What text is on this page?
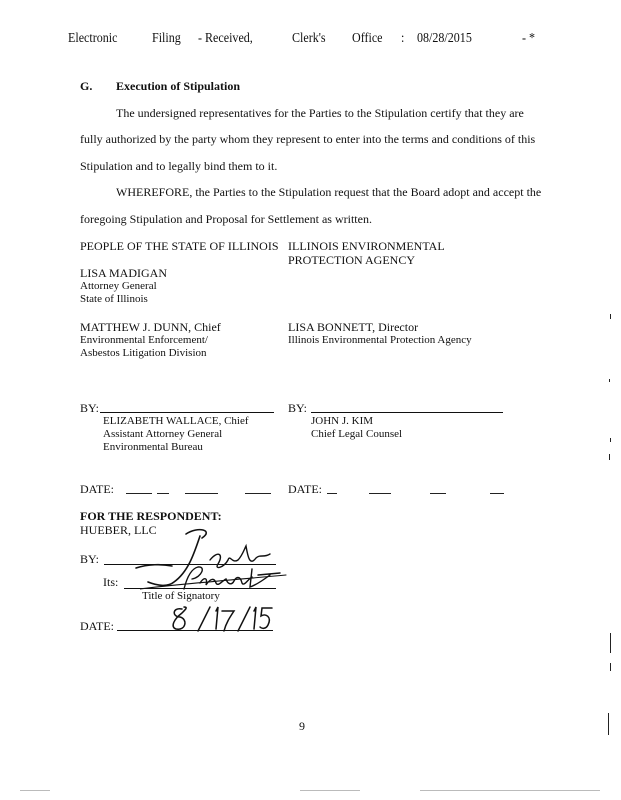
Electronic Filing - Received,	Clerk's Office : 08/28/2015	- *
G. Execution of Stipulation
The undersigned representatives for the Parties to the Stipulation certify that they are
fully authorized by the party whom they represent to enter into the terms and conditions of this
Stipulation and to legally bind them to it.
WHEREFORE, the Parties to the Stipulation request that the Board adopt and accept the
foregoing Stipulation and Proposal for Settlement as written.
PEOPLE OF THE STATE OF ILLINOIS
LISA MADIGAN
Attorney General
State of Illinois
MATTHEW J. DUNN, Chief
Environmental Enforcement/
Asbestos Litigation Division
ILLINOIS ENVIRONMENTAL
PROTECTION AGENCY
LISA BONNETT, Director
Illinois Environmental Protection Agency
BY:
ELIZABETH WALLACE, Chief
Assistant Attorney General
Environmental Bureau
BY:
JOHN J. KIM
Chief Legal Counsel
DATE:	DATE:
FOR THE RESPONDENT:
HUEBER, LLC
BY:
Its:
Title of Signatory
DATE:
9
